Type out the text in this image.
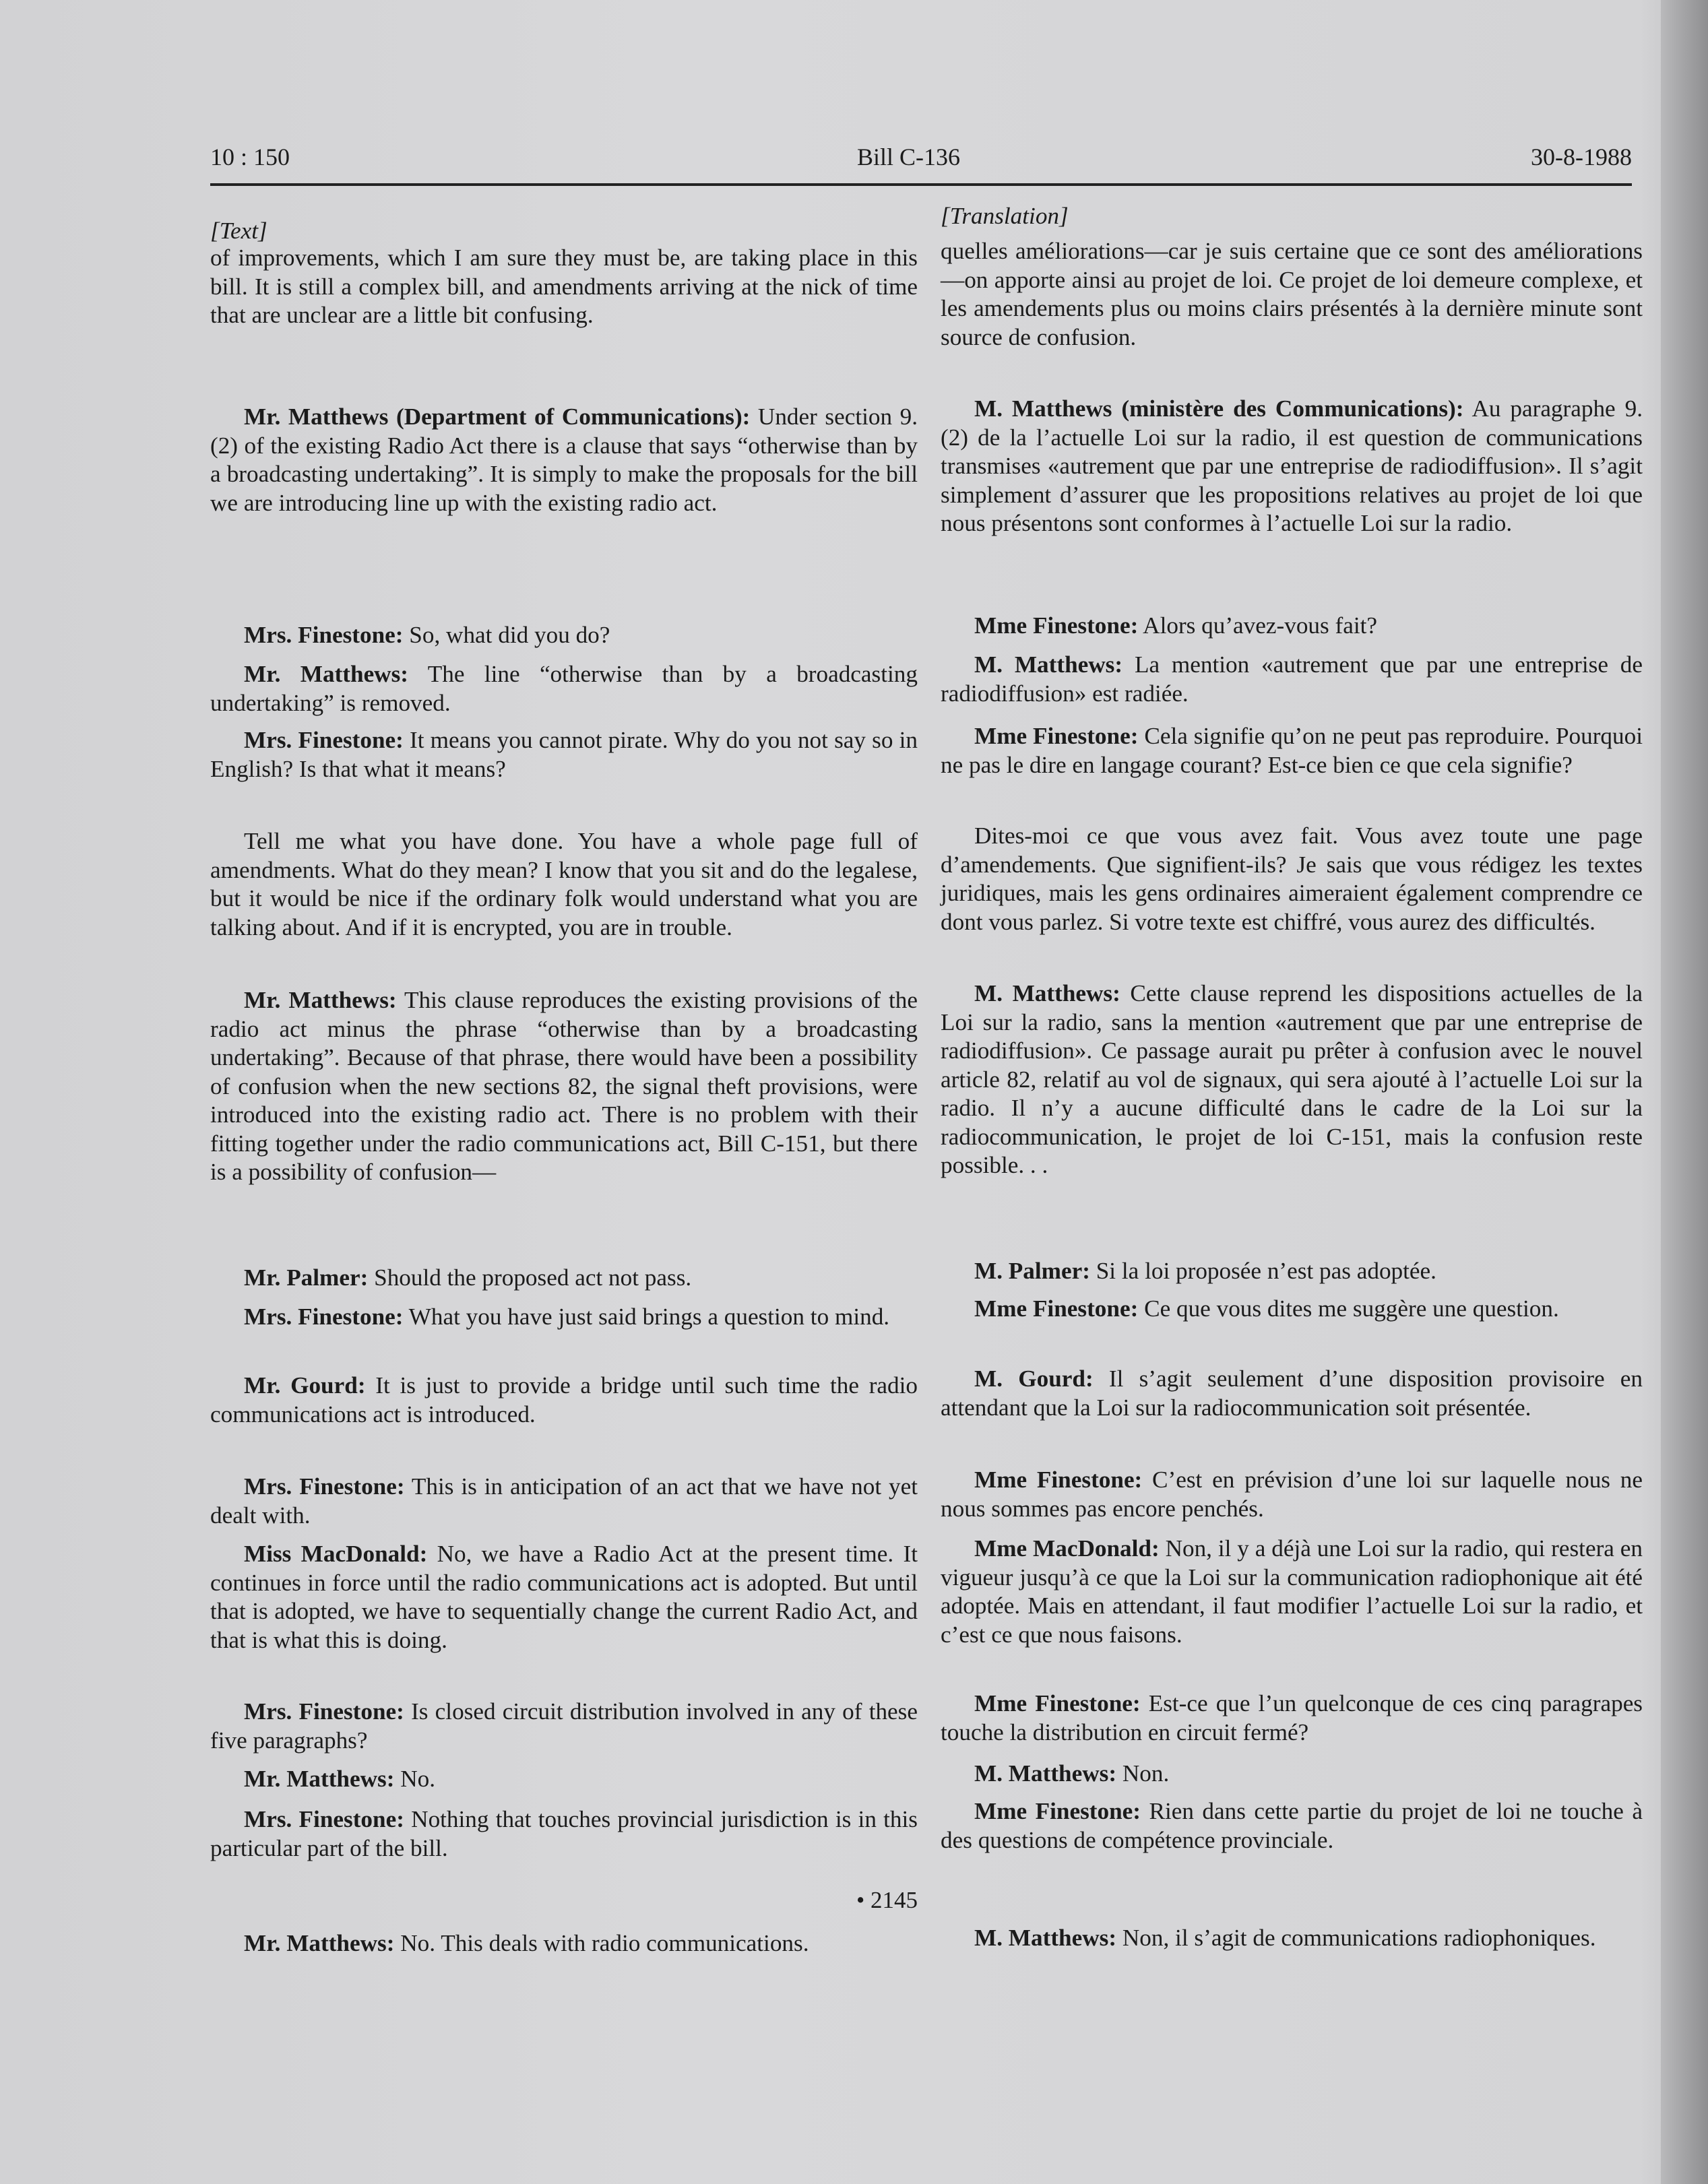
10 : 150	Bill C-136	30-8-1988
[Text]

of improvements, which I am sure they must be, are taking place in this bill. It is still a complex bill, and amendments arriving at the nick of time that are unclear are a little bit confusing.

Mr. Matthews (Department of Communications): Under section 9.(2) of the existing Radio Act there is a clause that says “otherwise than by a broadcasting undertaking”. It is simply to make the proposals for the bill we are introducing line up with the existing radio act.

Mrs. Finestone: So, what did you do?

Mr. Matthews: The line “otherwise than by a broadcasting undertaking” is removed.

Mrs. Finestone: It means you cannot pirate. Why do you not say so in English? Is that what it means?

Tell me what you have done. You have a whole page full of amendments. What do they mean? I know that you sit and do the legalese, but it would be nice if the ordinary folk would understand what you are talking about. And if it is encrypted, you are in trouble.

Mr. Matthews: This clause reproduces the existing provisions of the radio act minus the phrase “otherwise than by a broadcasting undertaking”. Because of that phrase, there would have been a possibility of confusion when the new sections 82, the signal theft provisions, were introduced into the existing radio act. There is no problem with their fitting together under the radio communications act, Bill C-151, but there is a possibility of confusion—

Mr. Palmer: Should the proposed act not pass.

Mrs. Finestone: What you have just said brings a question to mind.

Mr. Gourd: It is just to provide a bridge until such time the radio communications act is introduced.

Mrs. Finestone: This is in anticipation of an act that we have not yet dealt with.

Miss MacDonald: No, we have a Radio Act at the present time. It continues in force until the radio communications act is adopted. But until that is adopted, we have to sequentially change the current Radio Act, and that is what this is doing.

Mrs. Finestone: Is closed circuit distribution involved in any of these five paragraphs?

Mr. Matthews: No.

Mrs. Finestone: Nothing that touches provincial jurisdiction is in this particular part of the bill.

• 2145

Mr. Matthews: No. This deals with radio communications.

[Translation]

quelles améliorations—car je suis certaine que ce sont des améliorations—on apporte ainsi au projet de loi. Ce projet de loi demeure complexe, et les amendements plus ou moins clairs présentés à la dernière minute sont source de confusion.

M. Matthews (ministère des Communications): Au paragraphe 9.(2) de la l’actuelle Loi sur la radio, il est question de communications transmises «autrement que par une entreprise de radiodiffusion». Il s’agit simplement d’assurer que les propositions relatives au projet de loi que nous présentons sont conformes à l’actuelle Loi sur la radio.

Mme Finestone: Alors qu’avez-vous fait?

M. Matthews: La mention «autrement que par une entreprise de radiodiffusion» est radiée.

Mme Finestone: Cela signifie qu’on ne peut pas reproduire. Pourquoi ne pas le dire en langage courant? Est-ce bien ce que cela signifie?

Dites-moi ce que vous avez fait. Vous avez toute une page d’amendements. Que signifient-ils? Je sais que vous rédigez les textes juridiques, mais les gens ordinaires aimeraient également comprendre ce dont vous parlez. Si votre texte est chiffré, vous aurez des difficultés.

M. Matthews: Cette clause reprend les dispositions actuelles de la Loi sur la radio, sans la mention «autrement que par une entreprise de radiodiffusion». Ce passage aurait pu prêter à confusion avec le nouvel article 82, relatif au vol de signaux, qui sera ajouté à l’actuelle Loi sur la radio. Il n’y a aucune difficulté dans le cadre de la Loi sur la radiocommunication, le projet de loi C-151, mais la confusion reste possible. . .

M. Palmer: Si la loi proposée n’est pas adoptée.

Mme Finestone: Ce que vous dites me suggère une question.

M. Gourd: Il s’agit seulement d’une disposition provisoire en attendant que la Loi sur la radiocommunication soit présentée.

Mme Finestone: C’est en prévision d’une loi sur laquelle nous ne nous sommes pas encore penchés.

Mme MacDonald: Non, il y a déjà une Loi sur la radio, qui restera en vigueur jusqu’à ce que la Loi sur la communication radiophonique ait été adoptée. Mais en attendant, il faut modifier l’actuelle Loi sur la radio, et c’est ce que nous faisons.

Mme Finestone: Est-ce que l’un quelconque de ces cinq paragrapes touche la distribution en circuit fermé?

M. Matthews: Non.

Mme Finestone: Rien dans cette partie du projet de loi ne touche à des questions de compétence provinciale.

M. Matthews: Non, il s’agit de communications radiophoniques.
